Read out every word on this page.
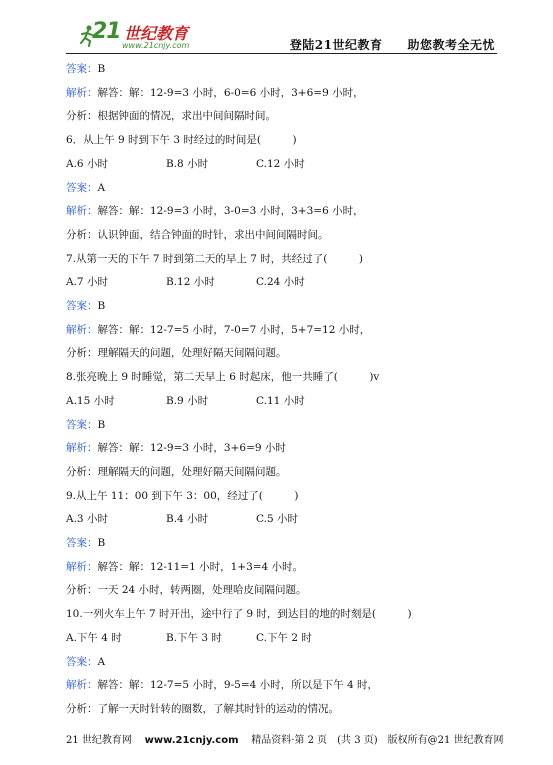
21 世纪教育
www.21cnjy.com	登陆21世纪教育　　助您教考全无忧
答案：B
解析：解答：解：12-9=3 小时，6-0=6 小时，3+6=9 小时，
分析：根据钟面的情况，求出中间间隔时间。
6．从上午 9 时到下午 3 时经过的时间是(　　　)
A.6 小时	B.8 小时	C.12 小时
答案：A
解析：解答：解：12-9=3 小时，3-0=3 小时，3+3=6 小时，
分析：认识钟面，结合钟面的时针，求出中间间隔时间。
7.从第一天的下午 7 时到第二天的早上 7 时，共经过了(　　　)
A.7 小时	B.12 小时	C.24 小时
答案：B
解析：解答：解：12-7=5 小时，7-0=7 小时，5+7=12 小时，
分析：理解隔天的问题，处理好隔天间隔问题。
8.张亮晚上 9 时睡觉，第二天早上 6 时起床，他一共睡了(　　　)v
A.15 小时	B.9 小时	C.11 小时
答案：B
解析：解答：解：12-9=3 小时，3+6=9 小时
分析：理解隔天的问题，处理好隔天间隔问题。
9.从上午 11：00 到下午 3：00，经过了(　　　)
A.3 小时	B.4 小时	C.5 小时
答案：B
解析：解答：解：12-11=1 小时，1+3=4 小时。
分析：一天 24 小时，转两圈，处理哈皮间隔问题。
10.一列火车上午 7 时开出，途中行了 9 时，到达目的地的时刻是(　　　)
A.下午 4 时	B.下午 3 时	C.下午 2 时
答案：A
解析：解答：解：12-7=5 小时，9-5=4 小时，所以是下午 4 时，
分析：了解一天时针转的圈数，了解其时针的运动的情况。
21 世纪教育网 www.21cnjy.com 精品资料·第 2 页　(共 3 页)　版权所有@21 世纪教育网
